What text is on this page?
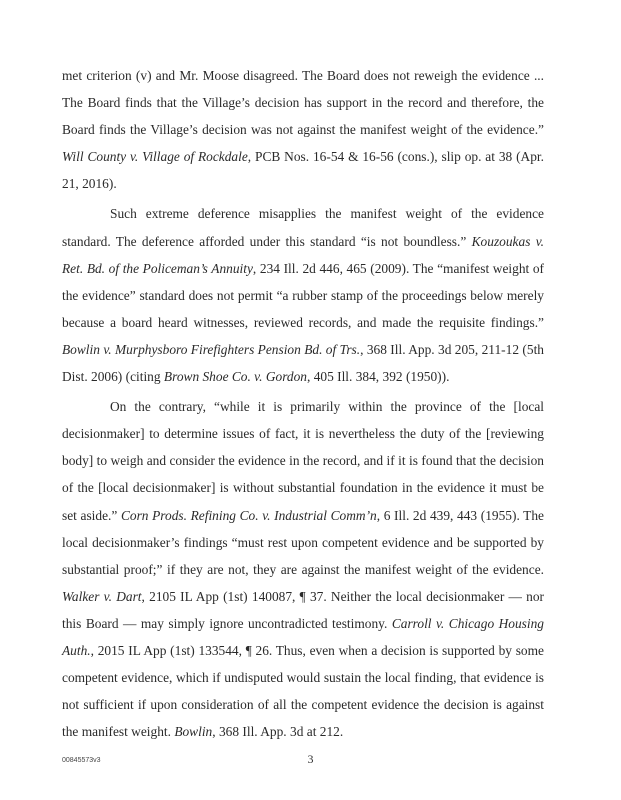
met criterion (v) and Mr. Moose disagreed. The Board does not reweigh the evidence ... The Board finds that the Village’s decision has support in the record and therefore, the Board finds the Village’s decision was not against the manifest weight of the evidence.” Will County v. Village of Rockdale, PCB Nos. 16-54 & 16-56 (cons.), slip op. at 38 (Apr. 21, 2016).

Such extreme deference misapplies the manifest weight of the evidence standard. The deference afforded under this standard “is not boundless.” Kouzoukas v. Ret. Bd. of the Policeman’s Annuity, 234 Ill. 2d 446, 465 (2009). The “manifest weight of the evidence” standard does not permit “a rubber stamp of the proceedings below merely because a board heard witnesses, reviewed records, and made the requisite findings.” Bowlin v. Murphysboro Firefighters Pension Bd. of Trs., 368 Ill. App. 3d 205, 211-12 (5th Dist. 2006) (citing Brown Shoe Co. v. Gordon, 405 Ill. 384, 392 (1950)).

On the contrary, “while it is primarily within the province of the [local decisionmaker] to determine issues of fact, it is nevertheless the duty of the [reviewing body] to weigh and consider the evidence in the record, and if it is found that the decision of the [local decisionmaker] is without substantial foundation in the evidence it must be set aside.” Corn Prods. Refining Co. v. Industrial Comm’n, 6 Ill. 2d 439, 443 (1955). The local decisionmaker’s findings “must rest upon competent evidence and be supported by substantial proof;” if they are not, they are against the manifest weight of the evidence. Walker v. Dart, 2105 IL App (1st) 140087, ¶ 37. Neither the local decisionmaker — nor this Board — may simply ignore uncontradicted testimony. Carroll v. Chicago Housing Auth., 2015 IL App (1st) 133544, ¶ 26. Thus, even when a decision is supported by some competent evidence, which if undisputed would sustain the local finding, that evidence is not sufficient if upon consideration of all the competent evidence the decision is against the manifest weight. Bowlin, 368 Ill. App. 3d at 212.

00845573v3	3
